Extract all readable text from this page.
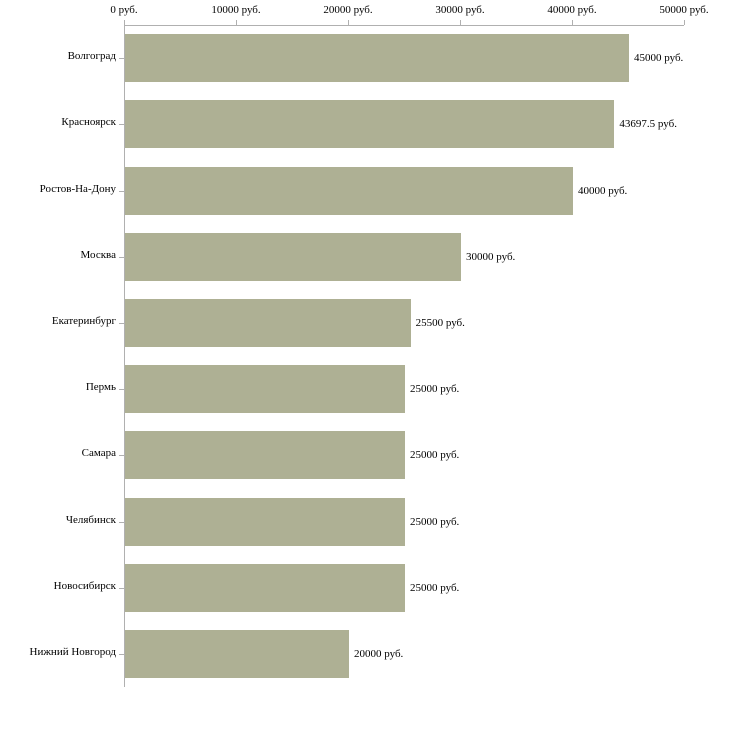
0 руб.	10000 руб.	20000 руб.	30000 руб.	40000 руб.	50000 руб.
Волгоград
Красноярск
Ростов-На-Дону
Москва
Екатеринбург
Пермь
Самара
Челябинск
Новосибирск
Нижний Новгород
45000 руб.
43697.5 руб.
40000 руб.
30000 руб.
25500 руб.
25000 руб.
25000 руб.
25000 руб.
25000 руб.
20000 руб.
